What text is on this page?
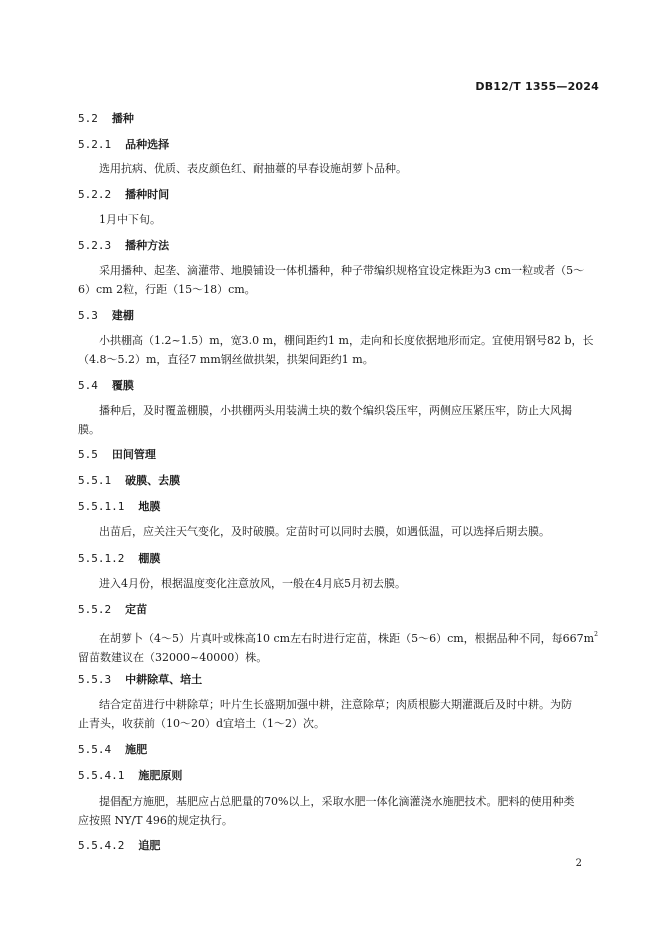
DB12/T 1355—2024
5.2 播种
5.2.1 品种选择
选用抗病、优质、表皮颜色红、耐抽薹的早春设施胡萝卜品种。
5.2.2 播种时间
1月中下旬。
5.2.3 播种方法
采用播种、起垄、滴灌带、地膜铺设一体机播种，种子带编织规格宜设定株距为3 cm一粒或者（5～
6）cm 2粒，行距（15～18）cm。
5.3 建棚
小拱棚高（1.2~1.5）m，宽3.0 m，棚间距约1 m，走向和长度依据地形而定。宜使用钢号82 b，长
（4.8～5.2）m，直径7 mm钢丝做拱架，拱架间距约1 m。
5.4 覆膜
播种后，及时覆盖棚膜，小拱棚两头用装满土块的数个编织袋压牢，两侧应压紧压牢，防止大风揭
膜。
5.5 田间管理
5.5.1 破膜、去膜
5.5.1.1 地膜
出苗后，应关注天气变化，及时破膜。定苗时可以同时去膜，如遇低温，可以选择后期去膜。
5.5.1.2 棚膜
进入4月份，根据温度变化注意放风，一般在4月底5月初去膜。
5.5.2 定苗
在胡萝卜（4～5）片真叶或株高10 cm左右时进行定苗，株距（5～6）cm，根据品种不同，每$667m^2$
留苗数建议在（32000~40000）株。
5.5.3 中耕除草、培土
结合定苗进行中耕除草；叶片生长盛期加强中耕，注意除草；肉质根膨大期灌溉后及时中耕。为防
止青头，收获前（10～20）d宜培土（1～2）次。
5.5.4 施肥
5.5.4.1 施肥原则
提倡配方施肥，基肥应占总肥量的70%以上，采取水肥一体化滴灌浇水施肥技术。肥料的使用种类
应按照 NY/T 496的规定执行。
5.5.4.2 追肥
2
